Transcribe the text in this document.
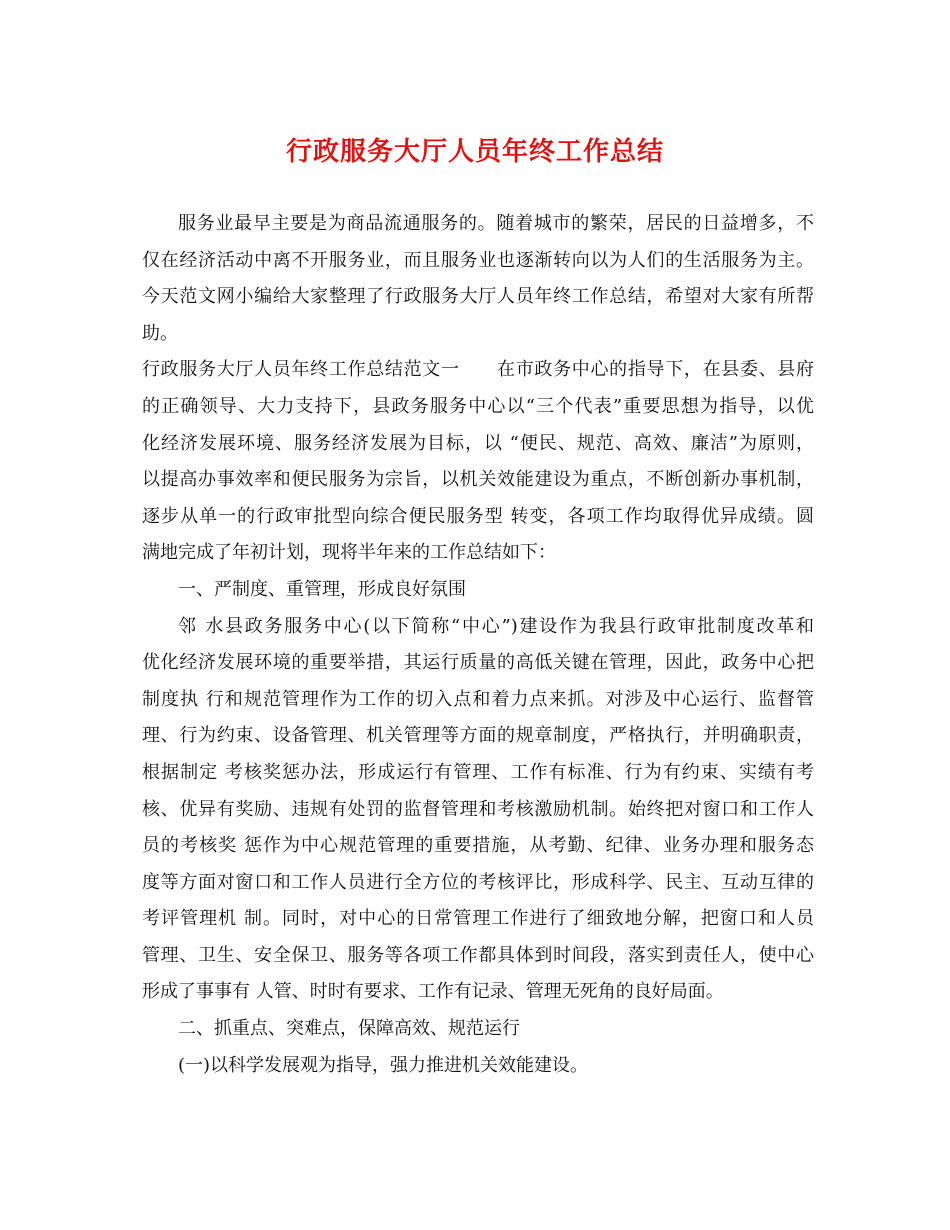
行政服务大厅人员年终工作总结

服务业最早主要是为商品流通服务的。随着城市的繁荣，居民的日益增多，不
仅在经济活动中离不开服务业，而且服务业也逐渐转向以为人们的生活服务为主。
今天范文网小编给大家整理了行政服务大厅人员年终工作总结，希望对大家有所帮
助。

行政服务大厅人员年终工作总结范文一　　在市政务中心的指导下，在县委、县府
的正确领导、大力支持下，县政务服务中心以“三个代表”重要思想为指导，以优
化经济发展环境、服务经济发展为目标，以 “便民、规范、高效、廉洁”为原则，
以提高办事效率和便民服务为宗旨，以机关效能建设为重点，不断创新办事机制，
逐步从单一的行政审批型向综合便民服务型 转变，各项工作均取得优异成绩。圆
满地完成了年初计划，现将半年来的工作总结如下：

一、严制度、重管理，形成良好氛围

邻 水县政务服务中心(以下简称“中心”)建设作为我县行政审批制度改革和
优化经济发展环境的重要举措，其运行质量的高低关键在管理，因此，政务中心把
制度执 行和规范管理作为工作的切入点和着力点来抓。对涉及中心运行、监督管
理、行为约束、设备管理、机关管理等方面的规章制度，严格执行，并明确职责，
根据制定 考核奖惩办法，形成运行有管理、工作有标准、行为有约束、实绩有考
核、优异有奖励、违规有处罚的监督管理和考核激励机制。始终把对窗口和工作人
员的考核奖 惩作为中心规范管理的重要措施，从考勤、纪律、业务办理和服务态
度等方面对窗口和工作人员进行全方位的考核评比，形成科学、民主、互动互律的
考评管理机 制。同时，对中心的日常管理工作进行了细致地分解，把窗口和人员
管理、卫生、安全保卫、服务等各项工作都具体到时间段，落实到责任人，使中心
形成了事事有 人管、时时有要求、工作有记录、管理无死角的良好局面。

二、抓重点、突难点，保障高效、规范运行

(一)以科学发展观为指导，强力推进机关效能建设。
